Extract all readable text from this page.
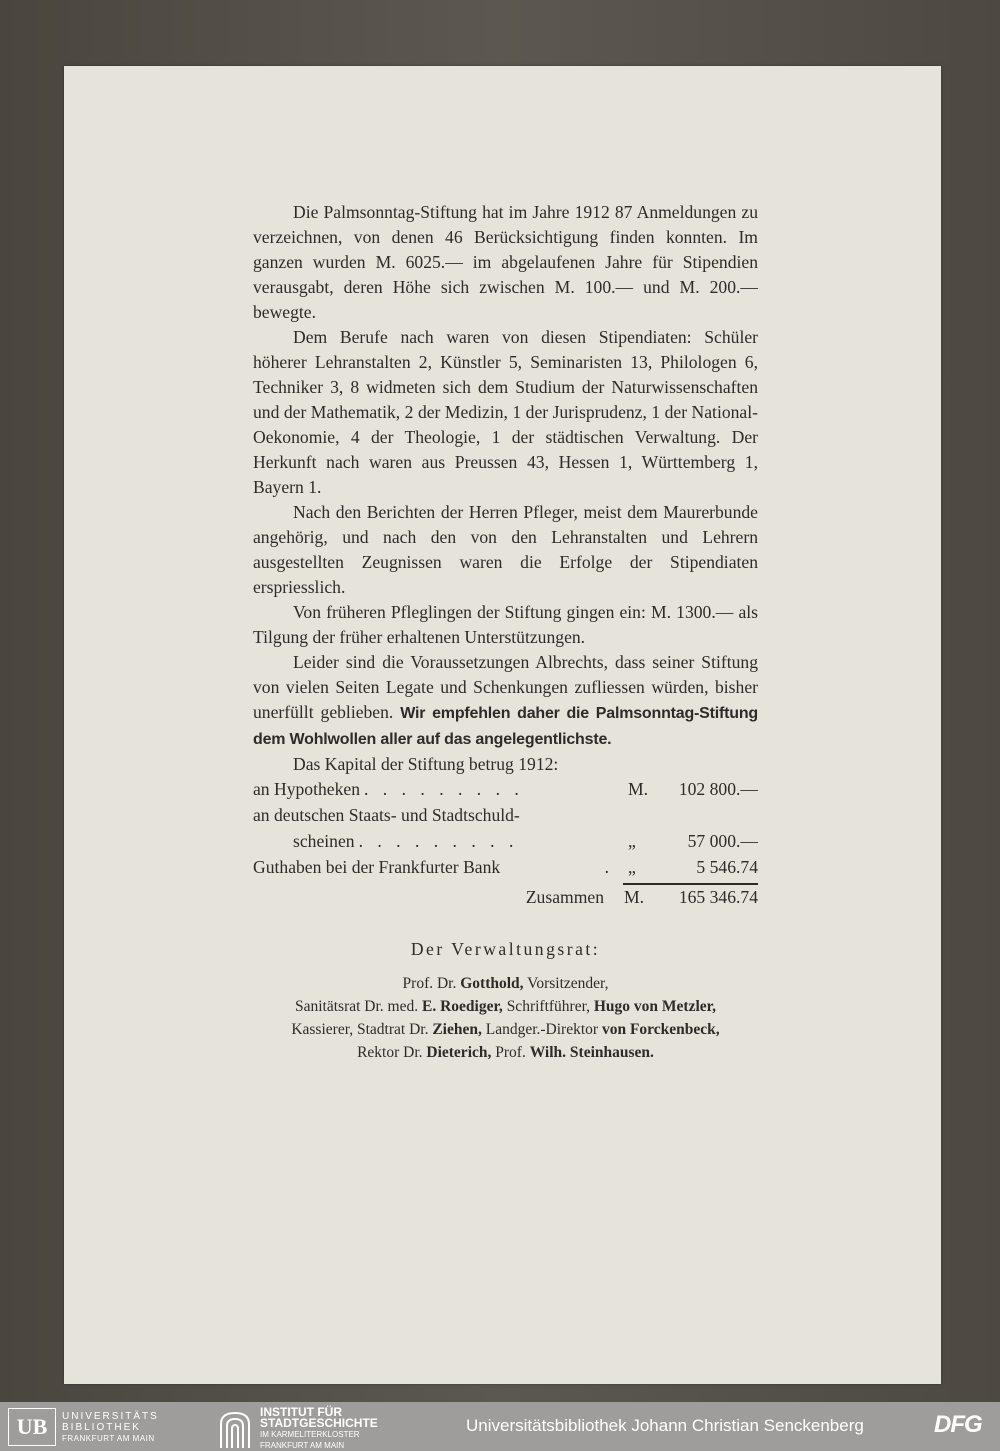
Die Palmsonntag-Stiftung hat im Jahre 1912 87 Anmeldungen zu verzeichnen, von denen 46 Berücksichtigung finden konnten. Im ganzen wurden M. 6025.— im abgelaufenen Jahre für Stipendien verausgabt, deren Höhe sich zwischen M. 100.— und M. 200.— bewegte.

Dem Berufe nach waren von diesen Stipendiaten: Schüler höherer Lehranstalten 2, Künstler 5, Seminaristen 13, Philologen 6, Techniker 3, 8 widmeten sich dem Studium der Naturwissenschaften und der Mathematik, 2 der Medizin, 1 der Jurisprudenz, 1 der National-Oekonomie, 4 der Theologie, 1 der städtischen Verwaltung. Der Herkunft nach waren aus Preussen 43, Hessen 1, Württemberg 1, Bayern 1.

Nach den Berichten der Herren Pfleger, meist dem Maurerbunde angehörig, und nach den von den Lehranstalten und Lehrern ausgestellten Zeugnissen waren die Erfolge der Stipendiaten erspriesslich.

Von früheren Pfleglingen der Stiftung gingen ein: M. 1300.— als Tilgung der früher erhaltenen Unterstützungen.

Leider sind die Voraussetzungen Albrechts, dass seiner Stiftung von vielen Seiten Legate und Schenkungen zufliessen würden, bisher unerfüllt geblieben. Wir empfehlen daher die Palmsonntag-Stiftung dem Wohlwollen aller auf das angelegentlichste.

Das Kapital der Stiftung betrug 1912:

an Hypotheken . . . . . . . . .	M.	102 800.—
an deutschen Staats- und Stadtschuld-
scheinen . . . . . . . . .	„	57 000.—
Guthaben bei der Frankfurter Bank	. „	5 546.74
Zusammen	M.	165 346.74
Der Verwaltungsrat:
Prof. Dr. Gotthold, Vorsitzender,
Sanitätsrat Dr. med. E. Roediger, Schriftführer, Hugo von Metzler,
Kassierer, Stadtrat Dr. Ziehen, Landger.-Direktor von Forckenbeck,
Rektor Dr. Dieterich, Prof. Wilh. Steinhausen.
UB	UNIVERSITÄTS
BIBLIOTHEK
FRANKFURT AM MAIN
INSTITUT FÜR
STADTGESCHICHTE
IM KARMELITERKLOSTER
FRANKFURT AM MAIN
Universitätsbibliothek Johann Christian Senckenberg	DFG
